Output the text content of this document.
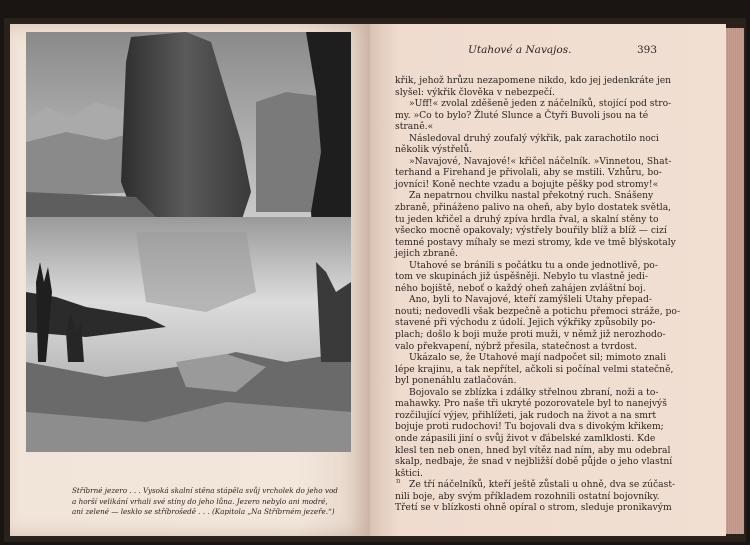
Stříbrné jezero . . . Vysoká skalní stěna stápěla svůj vrcholek do jeho vod
a horší velikání vrhali své stíny do jeho lůna. Jezero nebylo ani modré,
ani zelené — leskło se stříbrošedě . . . (Kapitola „Na Stříbrném jezeře.“)
Utahové a Navajos.	393
křik, jehož hrůzu nezapomene nikdo, kdo jej jedenkráte jen
slyšel: výkřik člověka v nebezpečí.
»Uff!« zvolal zděšeně jeden z náčelníků, stojící pod stro-
my. »Co to bylo? Žluté Slunce a Čtyři Buvoli jsou na té
straně.«
Následoval druhý zoufalý výkřik, pak zarachotilo noci
několik výstřelů.
»Navajové, Navajové!« křičel náčelník. »Vinnetou, Shat-
terhand a Firehand je přivolali, aby se mstili. Vzhůru, bo-
jovníci! Koně nechte vzadu a bojujte pěšky pod stromy!«
Za nepatrnou chvilku nastal překotný ruch. Snášeny
zbraně, přináženo palivo na oheň, aby bylo dostatek světla,
tu jeden křičel a druhý zpíva hrdla řval, a skalní stěny to
všecko mocně opakovaly; výstřely bouřily blíž a blíž — cizí
temné postavy míhaly se mezi stromy, kde ve tmě blýskotaly
jejich zbraně.
Utahové se bránili s počátku tu a onde jednotlivě, po-
tom ve skupinách již úspěšněji. Nebylo tu vlastně jedi-
ného bojiště, neboť o každý oheň zahájen zvláštní boj.
Ano, byli to Navajové, kteří zamýšleli Utahy přepad-
nouti; nedovedli však bezpečně a potichu přemoci stráže, po-
stavené při východu z údolí. Jejich výkřiky způsobily po-
plach; došlo k boji muže proti muži, v němž již nerozhodo-
valo překvapení, nýbrž přesila, statečnost a tvrdost.
Ukázalo se, že Utahové mají nadpočet sil; mimoto znali
lépe krajinu, a tak nepřítel, ačkoli si počínal velmi statečně,
byl ponenáhlu zatlačován.
Bojovalo se zblízka i zdálky střelnou zbraní, noži a to-
mahawky. Pro naše tři ukryté pozorovatele byl to nanejvýš
rozčilující výjev, přihlížeti, jak rudoch na život a na smrt
bojuje proti rudochovi! Tu bojovali dva s divokým křikem;
onde zápasili jiní o svůj život v ďábelské zamlklosti. Kde
klesl ten neb onen, hned byl vítěz nad ním, aby mu odebral
skalp, nedbaje, že snad v nejbližší době půjde o jeho vlastní
kštici.
Ze tří náčelníků, kteří ještě zůstali u ohně, dva se zúčast-
nili boje, aby svým příkladem rozohnili ostatní bojovníky.
Třetí se v blízkosti ohně opíral o strom, sleduje pronikavým
n
